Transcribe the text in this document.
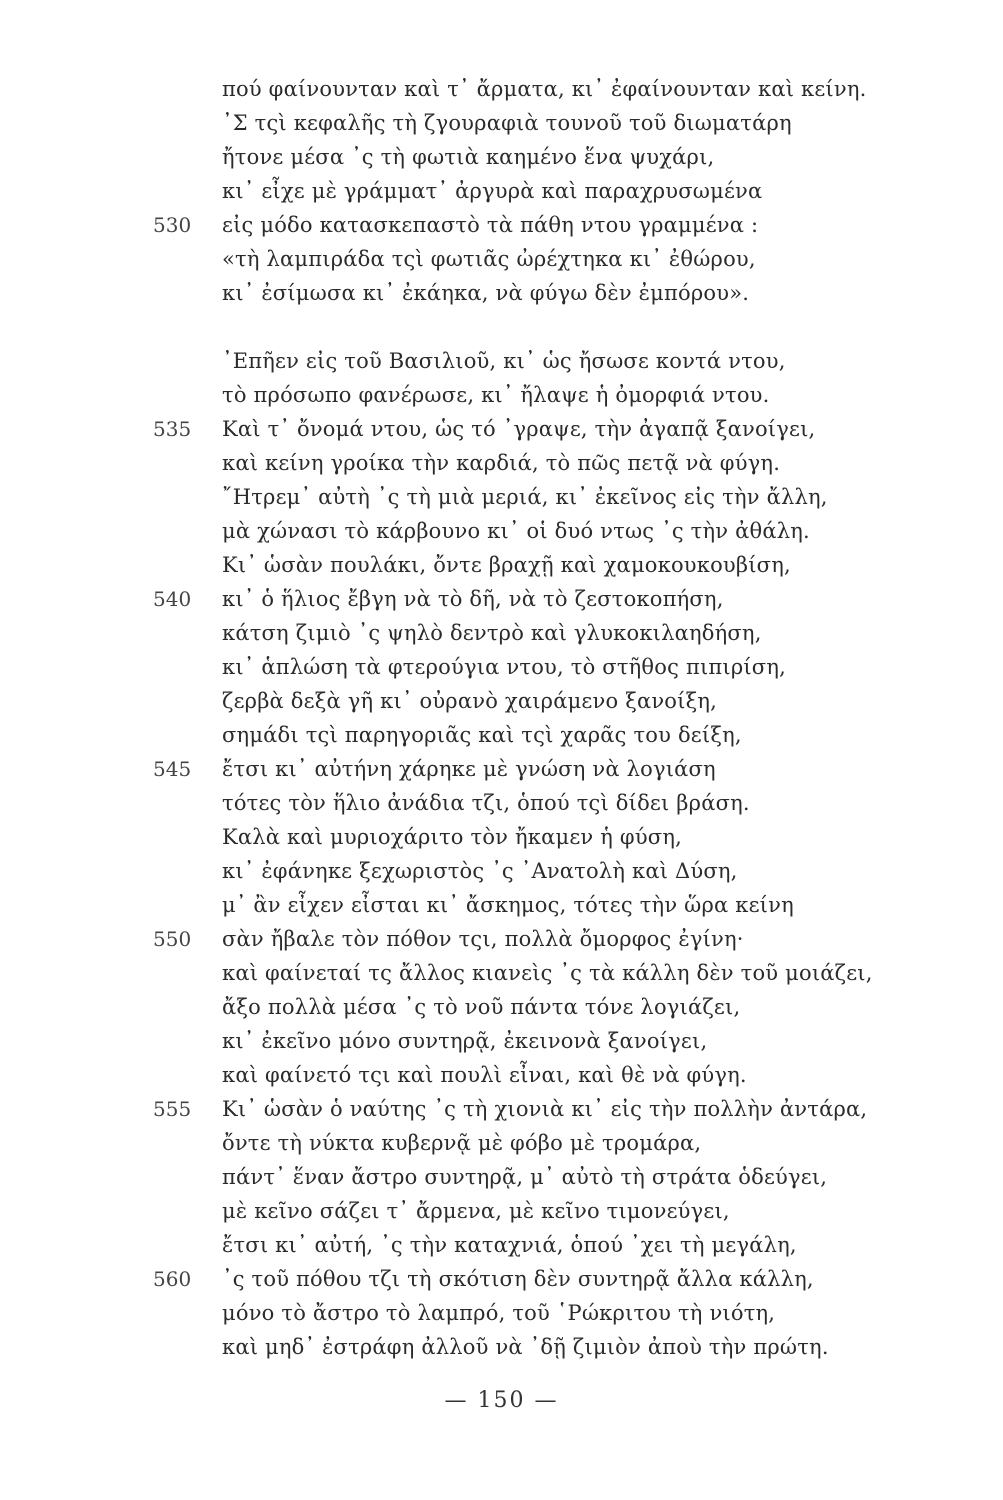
πού φαίνουνταν καὶ τ᾿ ἄρματα, κι᾿ ἐφαίνουνταν καὶ κείνη.
᾿Σ τςὶ κεφαλῆς τὴ ζγουραφιὰ τουνοῦ τοῦ διωματάρη
ἤτονε μέσα ᾿ς τὴ φωτιὰ καημένο ἕνα ψυχάρι,
κι᾿ εἶχε μὲ γράμματ᾿ ἀργυρὰ καὶ παραχρυσωμένα
530 εἰς μόδο κατασκεπαστὸ τὰ πάθη ντου γραμμένα :
«τὴ λαμπιράδα τςὶ φωτιᾶς ὠρέχτηκα κι᾿ ἐθώρου,
κι᾿ ἐσίμωσα κι᾿ ἐκάηκα, νὰ φύγω δὲν ἐμπόρου».
᾿Επῆεν εἰς τοῦ Βασιλιοῦ, κι᾿ ὡς ἤσωσε κοντά ντου,
τὸ πρόσωπο φανέρωσε, κι᾿ ἤλαψε ἡ ὀμορφιά ντου.
535 Καὶ τ᾿ ὄνομά ντου, ὡς τό ᾿γραψε, τὴν ἀγαπᾷ ξανοίγει,
καὶ κείνη γροίκα τὴν καρδιά, τὸ πῶς πετᾷ νὰ φύγη.
῎Ητρεμ᾿ αὐτὴ ᾿ς τὴ μιὰ μεριά, κι᾿ ἐκεῖνος εἰς τὴν ἄλλη,
μὰ χώνασι τὸ κάρβουνο κι᾿ οἱ δυό ντως ᾿ς τὴν ἀθάλη.
Κι᾿ ὡσὰν πουλάκι, ὄντε βραχῇ καὶ χαμοκουκουβίση,
540 κι᾿ ὁ ἥλιος ἔβγη νὰ τὸ δῆ, νὰ τὸ ζεστοκοπήση,
κάτση ζιμιὸ ᾿ς ψηλὸ δεντρὸ καὶ γλυκοκιλαηδήση,
κι᾿ ἁπλώση τὰ φτερούγια ντου, τὸ στῆθος πιπιρίση,
ζερβὰ δεξὰ γῆ κι᾿ οὐρανὸ χαιράμενο ξανοίξη,
σημάδι τςὶ παρηγοριᾶς καὶ τςὶ χαρᾶς του δείξη,
545 ἔτσι κι᾿ αὐτήνη χάρηκε μὲ γνώση νὰ λογιάση
τότες τὸν ἥλιο ἀνάδια τζι, ὁπού τςὶ δίδει βράση.
Καλὰ καὶ μυριοχάριτο τὸν ἤκαμεν ἡ φύση,
κι᾿ ἐφάνηκε ξεχωριστὸς ᾿ς ᾿Ανατολὴ καὶ Δύση,
μ᾿ ἂν εἶχεν εἶσται κι᾿ ἄσκημος, τότες τὴν ὥρα κείνη
550 σὰν ἤβαλε τὸν πόθον τςι, πολλὰ ὄμορφος ἐγίνη·
καὶ φαίνεταί τς ἄλλος κιανεὶς ᾿ς τὰ κάλλη δὲν τοῦ μοιάζει,
ἄξο πολλὰ μέσα ᾿ς τὸ νοῦ πάντα τόνε λογιάζει,
κι᾿ ἐκεῖνο μόνο συντηρᾷ, ἐκεινονὰ ξανοίγει,
καὶ φαίνετό τςι καὶ πουλὶ εἶναι, καὶ θὲ νὰ φύγη.
555 Κι᾿ ὡσὰν ὁ ναύτης ᾿ς τὴ χιονιὰ κι᾿ εἰς τὴν πολλὴν ἀντάρα,
ὄντε τὴ νύκτα κυβερνᾷ μὲ φόβο μὲ τρομάρα,
πάντ᾿ ἕναν ἄστρο συντηρᾷ, μ᾿ αὐτὸ τὴ στράτα ὁδεύγει,
μὲ κεῖνο σάζει τ᾿ ἄρμενα, μὲ κεῖνο τιμονεύγει,
ἔτσι κι᾿ αὐτή, ᾿ς τὴν καταχνιά, ὁπού ᾿χει τὴ μεγάλη,
560 ᾿ς τοῦ πόθου τζι τὴ σκότιση δὲν συντηρᾷ ἄλλα κάλλη,
μόνο τὸ ἄστρο τὸ λαμπρό, τοῦ ῾Ρώκριτου τὴ νιότη,
καὶ μηδ᾿ ἐστράφη ἀλλοῦ νὰ ᾿δῇ ζιμιὸν ἀποὺ τὴν πρώτη.
— 150 —
